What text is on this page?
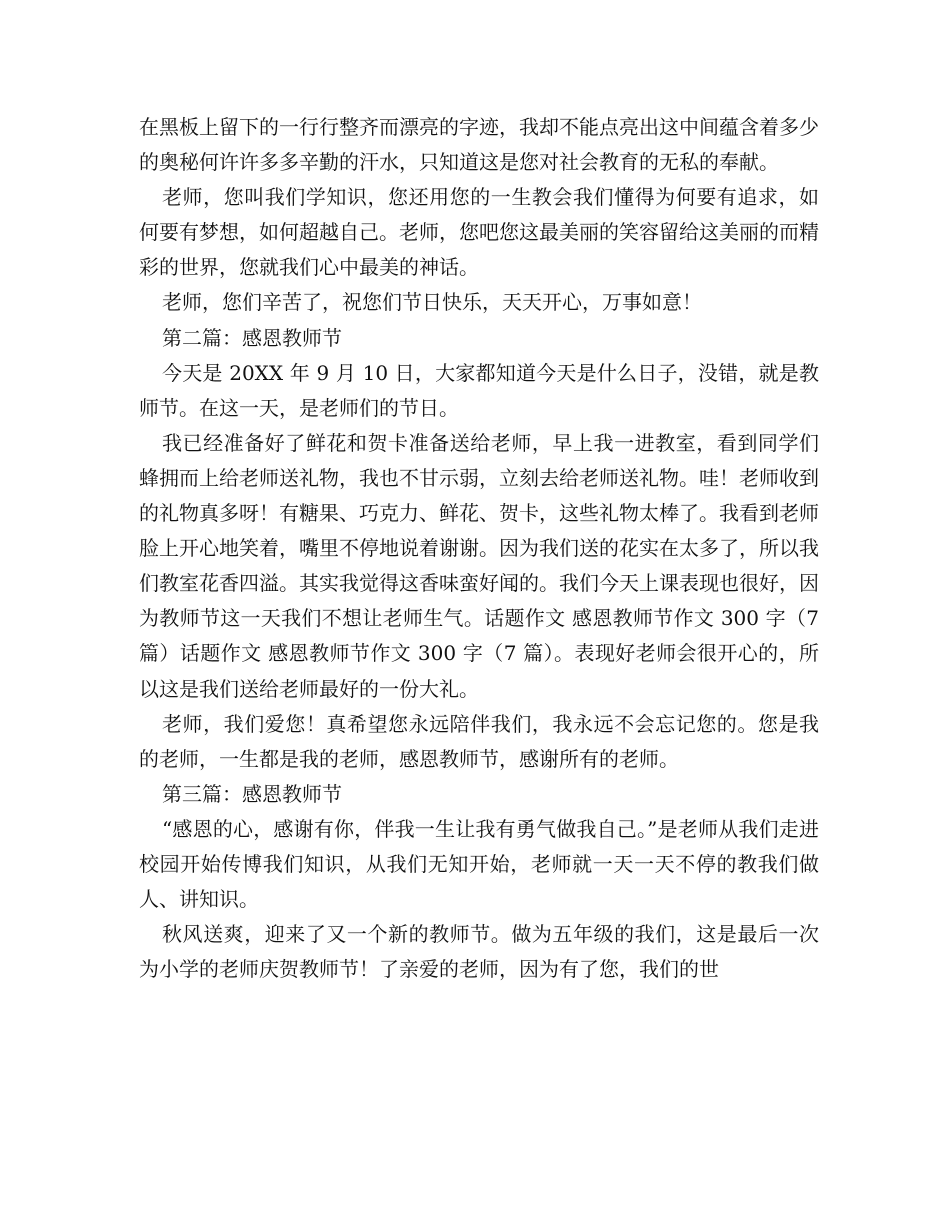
在黑板上留下的一行行整齐而漂亮的字迹，我却不能点亮出这中间蕴含着多少的奥秘何许许多多辛勤的汗水，只知道这是您对社会教育的无私的奉献。

老师，您叫我们学知识，您还用您的一生教会我们懂得为何要有追求，如何要有梦想，如何超越自己。老师，您吧您这最美丽的笑容留给这美丽的而精彩的世界，您就我们心中最美的神话。

老师，您们辛苦了，祝您们节日快乐，天天开心，万事如意！

第二篇：感恩教师节

今天是 20XX 年 9 月 10 日，大家都知道今天是什么日子，没错，就是教师节。在这一天，是老师们的节日。

我已经准备好了鲜花和贺卡准备送给老师，早上我一进教室，看到同学们蜂拥而上给老师送礼物，我也不甘示弱，立刻去给老师送礼物。哇！老师收到的礼物真多呀！有糖果、巧克力、鲜花、贺卡，这些礼物太棒了。我看到老师脸上开心地笑着，嘴里不停地说着谢谢。因为我们送的花实在太多了，所以我们教室花香四溢。其实我觉得这香味蛮好闻的。我们今天上课表现也很好，因为教师节这一天我们不想让老师生气。话题作文 感恩教师节作文 300 字（7 篇）话题作文 感恩教师节作文 300 字（7 篇）。表现好老师会很开心的，所以这是我们送给老师最好的一份大礼。

老师，我们爱您！真希望您永远陪伴我们，我永远不会忘记您的。您是我的老师，一生都是我的老师，感恩教师节，感谢所有的老师。

第三篇：感恩教师节

“感恩的心，感谢有你，伴我一生让我有勇气做我自己。”是老师从我们走进校园开始传博我们知识，从我们无知开始，老师就一天一天不停的教我们做人、讲知识。

秋风送爽，迎来了又一个新的教师节。做为五年级的我们，这是最后一次为小学的老师庆贺教师节！了亲爱的老师，因为有了您，我们的世
